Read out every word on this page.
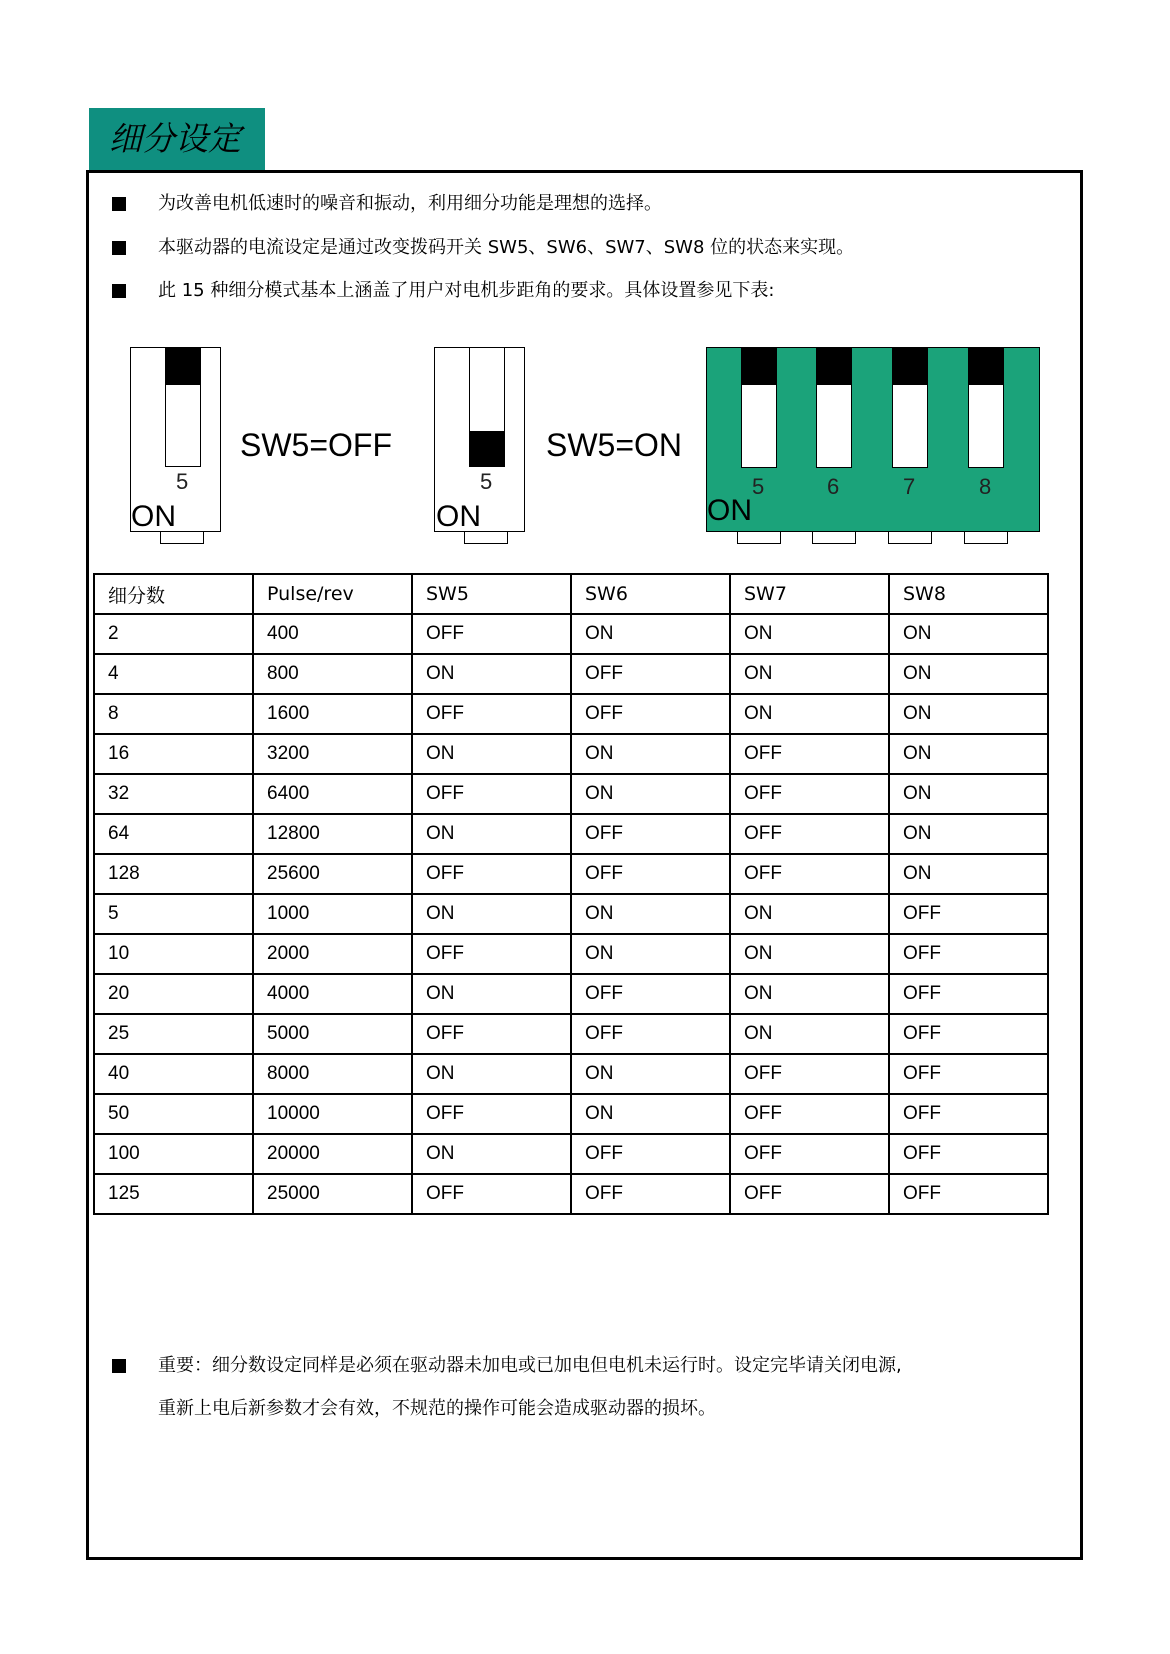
细分设定
为改善电机低速时的噪音和振动，利用细分功能是理想的选择。
本驱动器的电流设定是通过改变拨码开关 SW5、SW6、SW7、SW8 位的状态来实现。
此 15 种细分模式基本上涵盖了用户对电机步距角的要求。具体设置参见下表:
5
ON
SW5=OFF
5
ON
SW5=ON
5	6	7	8
ON
细分数	Pulse/rev	SW5	SW6	SW7	SW8
2	400	OFF	ON	ON	ON
4	800	ON	OFF	ON	ON
8	1600	OFF	OFF	ON	ON
16	3200	ON	ON	OFF	ON
32	6400	OFF	ON	OFF	ON
64	12800	ON	OFF	OFF	ON
128	25600	OFF	OFF	OFF	ON
5	1000	ON	ON	ON	OFF
10	2000	OFF	ON	ON	OFF
20	4000	ON	OFF	ON	OFF
25	5000	OFF	OFF	ON	OFF
40	8000	ON	ON	OFF	OFF
50	10000	OFF	ON	OFF	OFF
100	20000	ON	OFF	OFF	OFF
125	25000	OFF	OFF	OFF	OFF
重要：细分数设定同样是必须在驱动器未加电或已加电但电机未运行时。设定完毕请关闭电源,
重新上电后新参数才会有效，不规范的操作可能会造成驱动器的损坏。
